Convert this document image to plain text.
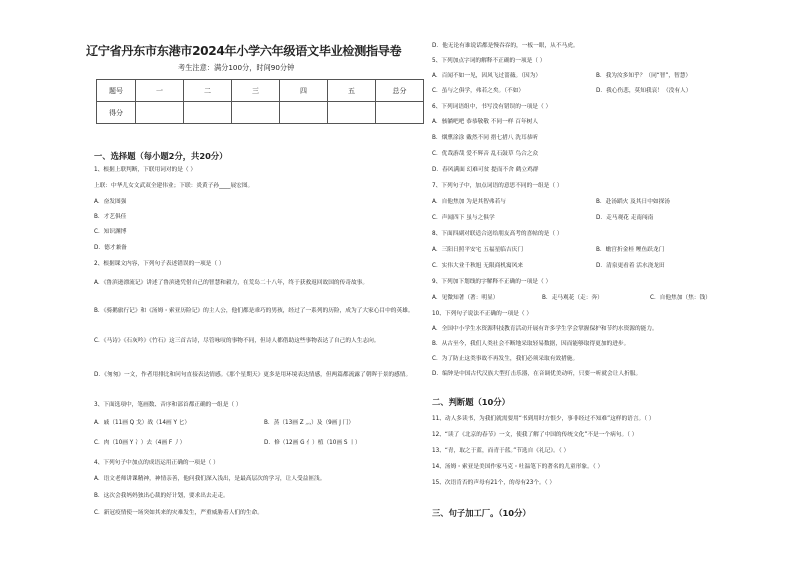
辽宁省丹东市东港市2024年小学六年级语文毕业检测指导卷
考生注意：满分100分，时间90分钟
题号	一	二	三	四	五	总分
得分						
一、选择题（每小题2分，共20分）
1、根据上联判断，下联用词对的是（ ）
上联：中华儿女文武双全建伟业；下联：炎黄子孙____展宏图。
A．奋发图强
B．才艺俱佳
C．知识渊博
D．德才兼备
2、根据课文内容，下列句子表述错误的一项是（ ）
A．《鲁滨逊漂流记》讲述了鲁滨逊凭借自己的智慧和毅力，在荒岛二十八年，终于获救返回故国的传奇故事。
B．《骑鹅旅行记》和《汤姆・索亚历险记》的主人公，他们都是乖巧的男孩，经过了一系列的历险，成为了大家心目中的英雄。
C．《马诗》《石灰吟》《竹石》这三首古诗，尽管咏叹的事物不同，但诗人都借助这些事物表达了自己的人生志向。
D．《匆匆》一文，作者用排比和问句直接表达情感。《那个星期天》更多是用环境表达情感，但两篇都流露了朝晖于景的感情。
3、下面选项中，笔画数、音序和部首都正确的一组是（ ）
A．戚（11画 Q 戈）战（14画 Y 匕）	B．蒸（13画 Z 灬）及（9画 J 冂）
C．肉（10画 Y 冫）去（4画 F 丿）	D．修（12画 G 亻）植（10画 S 丨）
4、下列句子中加点的成语运用正确的一项是（ ）
A．语文老师讲课精神，神情亲善，他问我们深入浅出，是最高层次的学习，让人受益匪浅。
B．这次会我妈妈独出心裁的好计划，要求出去走走。
C．新冠疫情使一场突如其来的灾难发生，严重威胁着人们的生命。
D．他无论有谁说话都是慢吞吞的，一板一眼，从不马虎。
5、下列加点字词的解释不正确的一项是（ ）
A．百闻不如一见，因风飞过蔷薇。（因为）	B．我为汝多知乎？（同“智”，智慧）
C．虽与之俱学，弗若之矣。（不如）	D．我心伤悲，莫知我哀！（没有人）
6、下列词语组中，书写没有错误的一项是（ ）
A．骇躺吧吧 恭恭敬敬 不同一样 百年树人
B．烟熏涂涂 戴然不同 措七措八 洗耳恭听
C．优哉游哉 爱不辉音 乱石鼓草 鸟合之众
D．春风满面 幻难可贫 提而不舍 鹤立鸡群
7、下列句子中，加点词语的意思不同的一组是（ ）
A．自他焦加 为是其智弗若与	B．赴汤蹈火 及其日中如探汤
C．声闻四下 虽与之俱学	D．走马观花 走南闯南
8、下面四副对联适合送给朋友高考的喜帖的是（ ）
A．三阳日照平安宅 五福星临吉庆门	B．蟾宫折金桂 鲤鱼跃龙门
C．实伟大业千秋旭 无限商机寓风来	D．清泉更看着 活水浇龙田
9、下列加下划线的字解释不正确的一项是（ ）
A．见微知著（著：明显）	B．走马观花（走：奔）	C．自他焦加（焦：钱）
10、下列句子说法不正确的一项是（ ）
A．全国中小学生水资源科技教育活动开展有许多学生学会掌握保护和节约水资源的能力。
B．从古至今，我们人类社会不断地采取轻易数据，因而能够取得更加的进步。
C．为了防止这类事故不再发生，我们必须采取有效措施。
D．编钟是中国古代汉族大型打击乐器，在音调优美动听，只要一听就会让人折服。
二、判断题（10分）
11、动人多读书，为我们就需要用“书到用时方恨少，事非经过不知难”这样的语言。（ ）
12、“读了《北京的春节》一文，使我了解了中国的传统文化”不是一个病句。（ ）
13、“青，取之于蓝，而青于蓝。”节选自《礼记》。（ ）
14、汤姆・索亚是美国作家马克・吐温笔下的著名的儿童形象。（ ）
15、次语肯否的声母有21个，的母有23个。（ ）
三、句子加工厂。（10分）
